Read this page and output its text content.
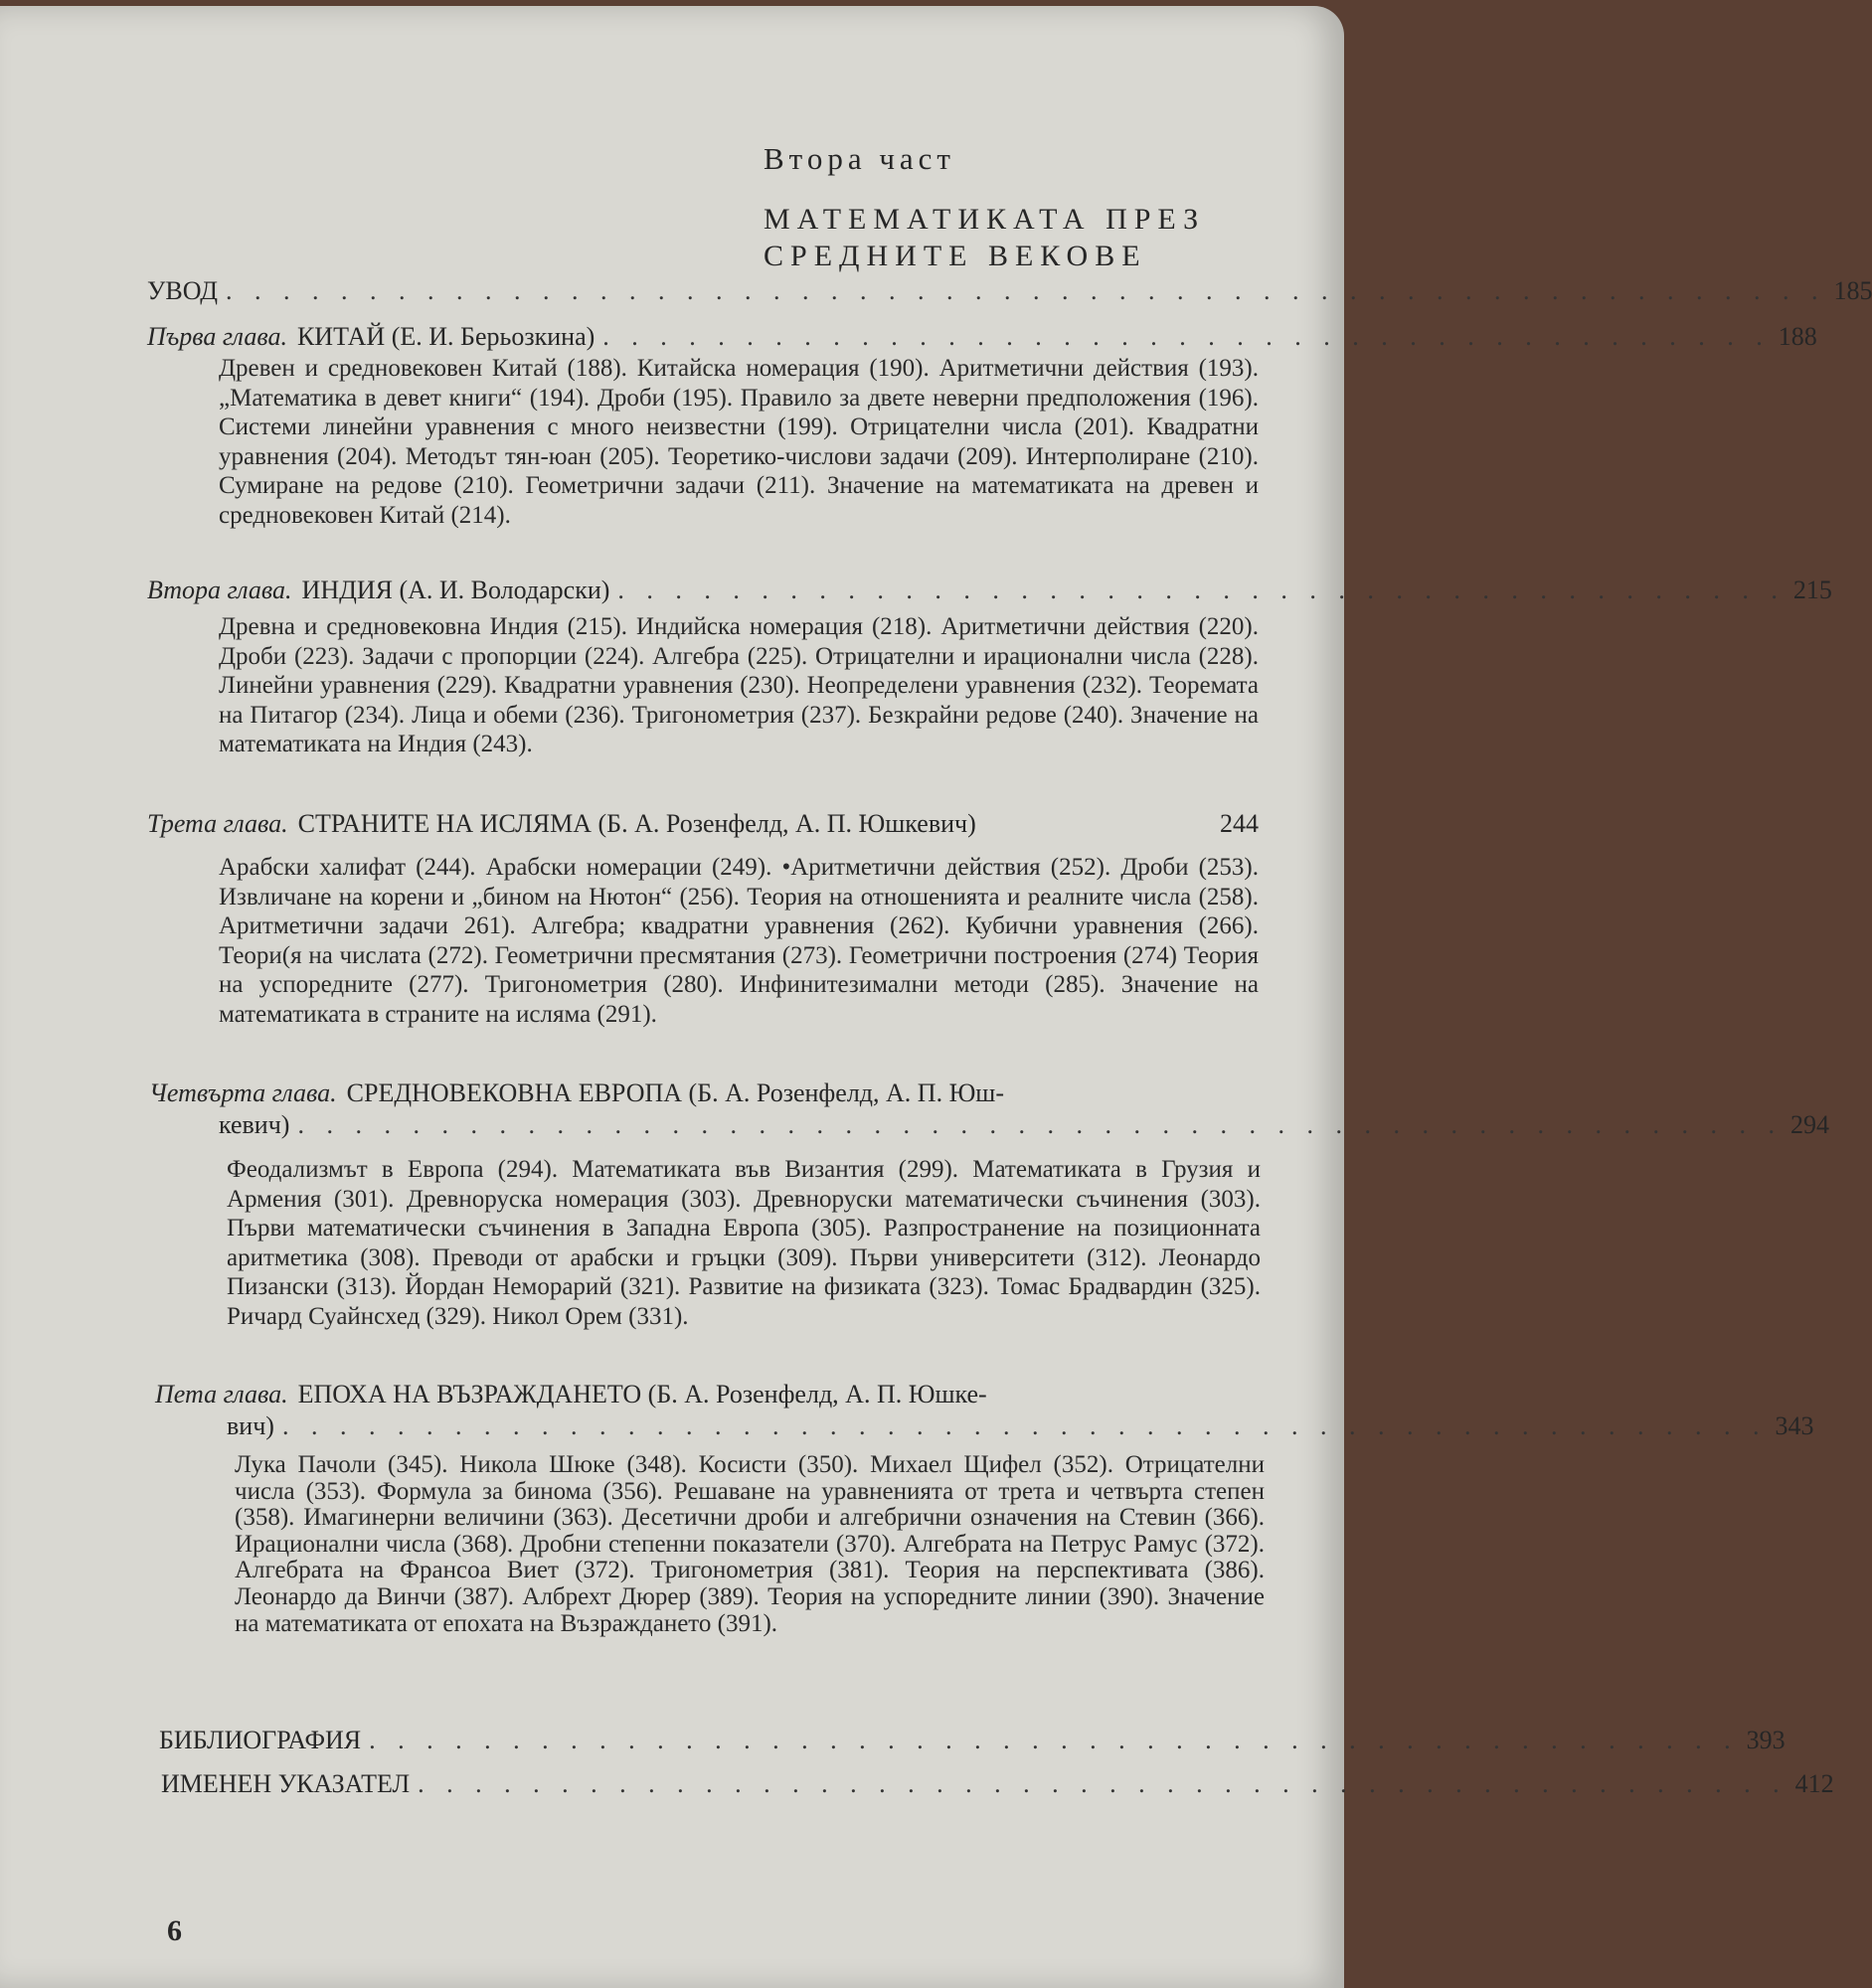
Втора част
МАТЕМАТИКАТА ПРЕЗ
СРЕДНИТЕ ВЕКОВЕ
УВОД . . . . . . . . . . . . . . . . . . . . . . . . . . . . . . . . . . . . . . . . . . . . . . . . . . . . . . . . 185
Първа глава. КИТАЙ (Е. И. Берьозкина) . . . . . . . . . . . . . . . . . . . . . . . . . . . . . . . . . . . . . . . . . 188
Древен и средновековен Китай (188). Китайска номерация (190). Аритметични действия (193). „Математика в девет книги“ (194). Дроби (195). Правило за двете неверни предположения (196). Системи линейни уравнения с много неизвестни (199). Отрицателни числа (201). Квадратни уравнения (204). Методът тян-юан (205). Теоретико-числови задачи (209). Интерполиране (210). Сумиране на редове (210). Геометрични задачи (211). Значение на математиката на древен и средновековен Китай (214).
Втора глава. ИНДИЯ (А. И. Володарски) . . . . . . . . . . . . . . . . . . . . . . . . . . . . . . . . . . . . . . . . . 215
Древна и средновековна Индия (215). Индийска номерация (218). Аритметични действия (220). Дроби (223). Задачи с пропорции (224). Алгебра (225). Отрицателни и ирационални числа (228). Линейни уравнения (229). Квадратни уравнения (230). Неопределени уравнения (232). Теоремата на Питагор (234). Лица и обеми (236). Тригонометрия (237). Безкрайни редове (240). Значение на математиката на Индия (243).
Трета глава. СТРАНИТЕ НА ИСЛЯМА (Б. А. Розенфелд, А. П. Юшкевич)	244
Арабски халифат (244). Арабски номерации (249). •Аритметични действия (252). Дроби (253). Извличане на корени и „бином на Нютон“ (256). Теория на отношенията и реалните числа (258). Аритметични задачи 261). Алгебра; квадратни уравнения (262). Кубични уравнения (266). Теори(я на числата (272). Геометрични пресмятания (273). Геометрични построения (274) Теория на успоредните (277). Тригонометрия (280). Инфинитезимални методи (285). Значение на математиката в страните на исляма (291).
Четвърта глава. СРЕДНОВЕКОВНА ЕВРОПА (Б. А. Розенфелд, А. П. Юш-
кевич) . . . . . . . . . . . . . . . . . . . . . . . . . . . . . . . . . . . . . . . . . . . . . . . . . . . . 294
Феодализмът в Европа (294). Математиката във Византия (299). Математиката в Грузия и Армения (301). Древноруска номерация (303). Древноруски математически съчинения (303). Първи математически съчинения в Западна Европа (305). Разпространение на позиционната аритметика (308). Преводи от арабски и гръцки (309). Първи университети (312). Леонардо Пизански (313). Йордан Неморарий (321). Развитие на физиката (323). Томас Брадвардин (325). Ричард Суайнсхед (329). Никол Орем (331).
Пета глава. ЕПОХА НА ВЪЗРАЖДАНЕТО (Б. А. Розенфелд, А. П. Юшке-
вич) . . . . . . . . . . . . . . . . . . . . . . . . . . . . . . . . . . . . . . . . . . . . . . . . . . . . 343
Лука Пачоли (345). Никола Шюке (348). Косисти (350). Михаел Щифел (352). Отрицателни числа (353). Формула за бинома (356). Решаване на уравненията от трета и четвърта степен (358). Имагинерни величини (363). Десетични дроби и алгебрични означения на Стевин (366). Ирационални числа (368). Дробни степенни показатели (370). Алгебрата на Петрус Рамус (372). Алгебрата на Франсоа Виет (372). Тригонометрия (381). Теория на перспективата (386). Леонардо да Винчи (387). Албрехт Дюрер (389). Теория на успоредните линии (390). Значение на математиката от епохата на Възраждането (391).
БИБЛИОГРАФИЯ . . . . . . . . . . . . . . . . . . . . . . . . . . . . . . . . . . . . . . . . . . . . . . . . 393
ИМЕНЕН УКАЗАТЕЛ . . . . . . . . . . . . . . . . . . . . . . . . . . . . . . . . . . . . . . . . . . . . . . . . 412
6
